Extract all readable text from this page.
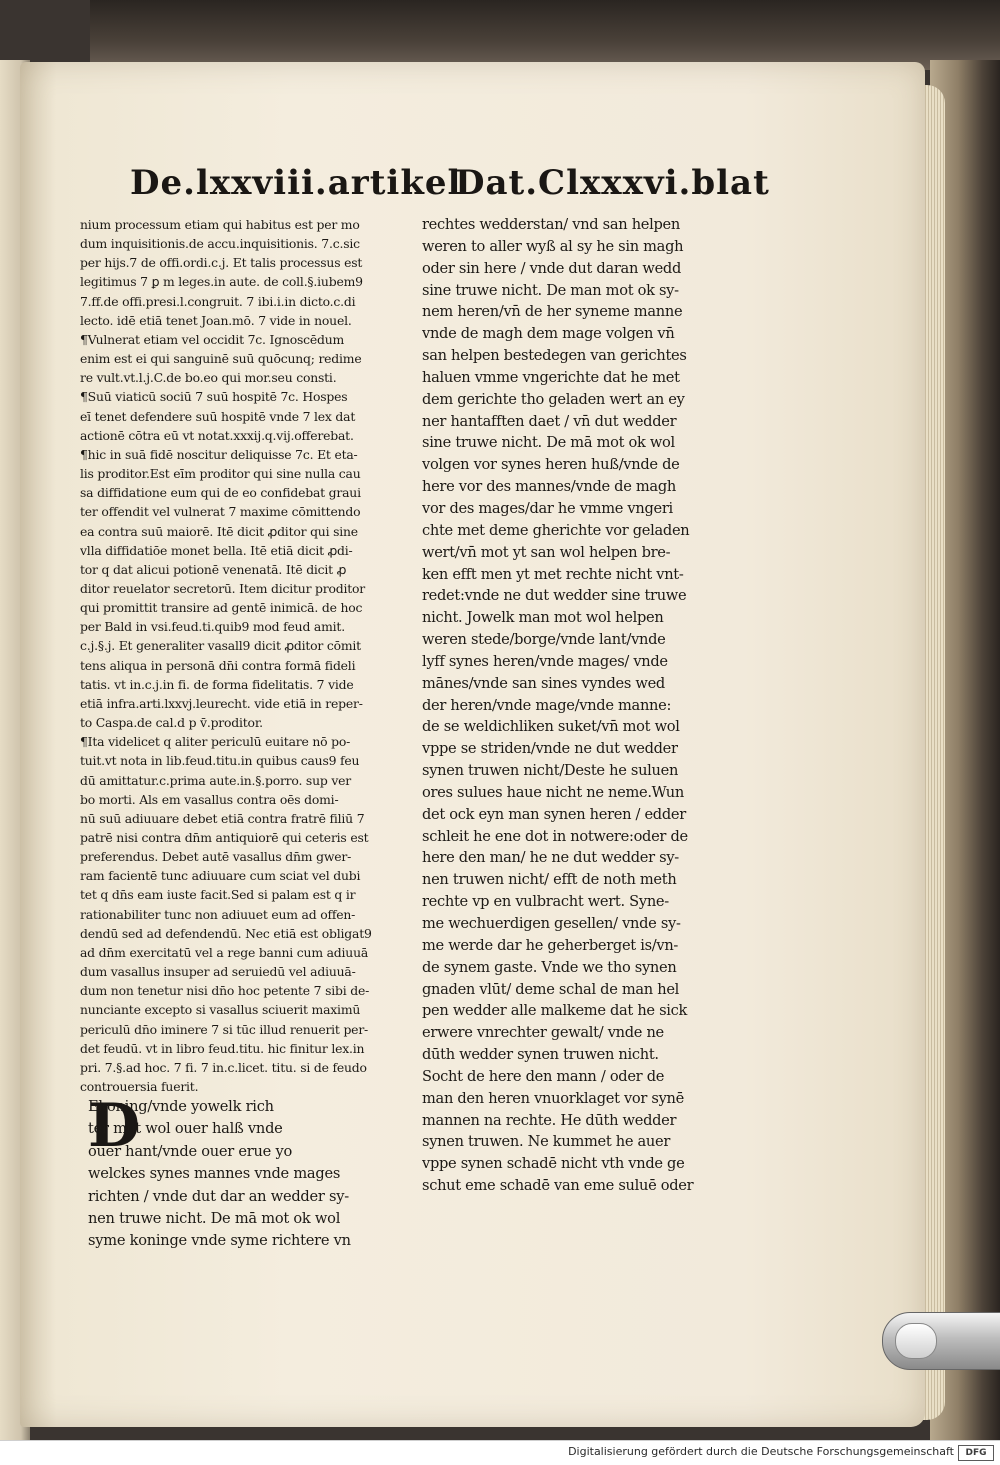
De.lxxviii.artikel
Dat.Clxxxvi.blat
nium processum etiam qui habitus est per mo
dum inquisitionis.de accu.inquisitionis. 7.c.sic
per hijs.7 de offi.ordi.c.j. Et talis processus est
legitimus 7 ꝑ m leges.in aute. de coll.§.iubem9
7.ff.de offi.presi.l.congruit. 7 ibi.i.in dicto.c.di
lecto. idē etiā tenet Joan.mō. 7 vide in nouel.
¶Vulnerat etiam vel occidit 7c. Ignoscēdum
enim est ei qui sanguinē suū quōcunq; redime
re vult.vt.l.j.C.de bo.eo qui mor.seu consti.
¶Suū viaticū sociū 7 suū hospitē 7c. Hospes
eī tenet defendere suū hospitē vnde 7 lex dat
actionē cōtra eū vt notat.xxxij.q.vij.offerebat.
¶hic in suā fidē noscitur deliquisse 7c. Et eta-
lis proditor.Est eīm proditor qui sine nulla cau
sa diffidatione eum qui de eo confidebat graui
ter offendit vel vulnerat 7 maxime cōmittendo
ea contra suū maiorē. Itē dicit ꝓditor qui sine
vlla diffidatiōe monet bella. Itē etiā dicit ꝓdi-
tor q dat alicui potionē venenatā. Itē dicit ꝓ
ditor reuelator secretorū. Item dicitur proditor
qui promittit transire ad gentē inimicā. de hoc
per Bald in vsi.feud.ti.quib9 mod feud amit.
c.j.§.j. Et generaliter vasall9 dicit ꝓditor cōmit
tens aliqua in personā dn̄i contra formā fideli
tatis. vt in.c.j.in fi. de forma fidelitatis. 7 vide
etiā infra.arti.lxxvj.leurecht. vide etiā in reper-
to Caspa.de cal.d p v̄.proditor.
¶Ita videlicet q aliter periculū euitare nō po-
tuit.vt nota in lib.feud.titu.in quibus caus9 feu
dū amittatur.c.prima aute.in.§.porro. sup ver
bo morti. Als em vasallus contra oēs domi-
nū suū adiuuare debet etiā contra fratrē filiū 7
patrē nisi contra dn̄m antiquiorē qui ceteris est
preferendus. Debet autē vasallus dn̄m gwer-
ram facientē tunc adiuuare cum sciat vel dubi
tet q dn̄s eam iuste facit.Sed si palam est q ir
rationabiliter tunc non adiuuet eum ad offen-
dendū sed ad defendendū. Nec etiā est obligat9
ad dn̄m exercitatū vel a rege banni cum adiuuā
dum vasallus insuper ad seruiedū vel adiuuā-
dum non tenetur nisi dn̄o hoc petente 7 sibi de-
nunciante excepto si vasallus sciuerit maximū
periculū dn̄o iminere 7 si tūc illud renuerit per-
det feudū. vt in libro feud.titu. hic finitur lex.in
pri. 7.§.ad hoc. 7 fi. 7 in.c.licet. titu. si de feudo
controuersia fuerit.
D
Ekoning/vnde yowelk rich
ter mot wol ouer halß vnde
ouer hant/vnde ouer erue yo
welckes synes mannes vnde mages
richten / vnde dut dar an wedder sy-
nen truwe nicht. De mā mot ok wol
syme koninge vnde syme richtere vn
rechtes wedderstan/ vnd san helpen
weren to aller wyß al sy he sin magh
oder sin here / vnde dut daran wedd
sine truwe nicht. De man mot ok sy-
nem heren/vn̄ de her syneme manne
vnde de magh dem mage volgen vn̄
san helpen bestedegen van gerichtes
haluen vmme vngerichte dat he met
dem gerichte tho geladen wert an ey
ner hantafften daet / vn̄ dut wedder
sine truwe nicht. De mā mot ok wol
volgen vor synes heren huß/vnde de
here vor des mannes/vnde de magh
vor des mages/dar he vmme vngeri
chte met deme gherichte vor geladen
wert/vn̄ mot yt san wol helpen bre-
ken efft men yt met rechte nicht vnt-
redet:vnde ne dut wedder sine truwe
nicht. Jowelk man mot wol helpen
weren stede/borge/vnde lant/vnde
lyff synes heren/vnde mages/ vnde
mānes/vnde san sines vyndes wed
der heren/vnde mage/vnde manne:
de se weldichliken suket/vn̄ mot wol
vppe se striden/vnde ne dut wedder
synen truwen nicht/Deste he suluen
ores sulues haue nicht ne neme.Wun
det ock eyn man synen heren / edder
schleit he ene dot in notwere:oder de
here den man/ he ne dut wedder sy-
nen truwen nicht/ efft de noth meth
rechte vp en vulbracht wert. Syne-
me wechuerdigen gesellen/ vnde sy-
me werde dar he geherberget is/vn-
de synem gaste. Vnde we tho synen
gnaden vlūt/ deme schal de man hel
pen wedder alle malkeme dat he sick
erwere vnrechter gewalt/ vnde ne
dūth wedder synen truwen nicht.
Socht de here den mann / oder de
man den heren vnuorklaget vor synē
mannen na rechte. He dūth wedder
synen truwen. Ne kummet he auer
vppe synen schadē nicht vth vnde ge
schut eme schadē van eme suluē oder
Digitalisierung gefördert durch die Deutsche Forschungsgemeinschaft	DFG
